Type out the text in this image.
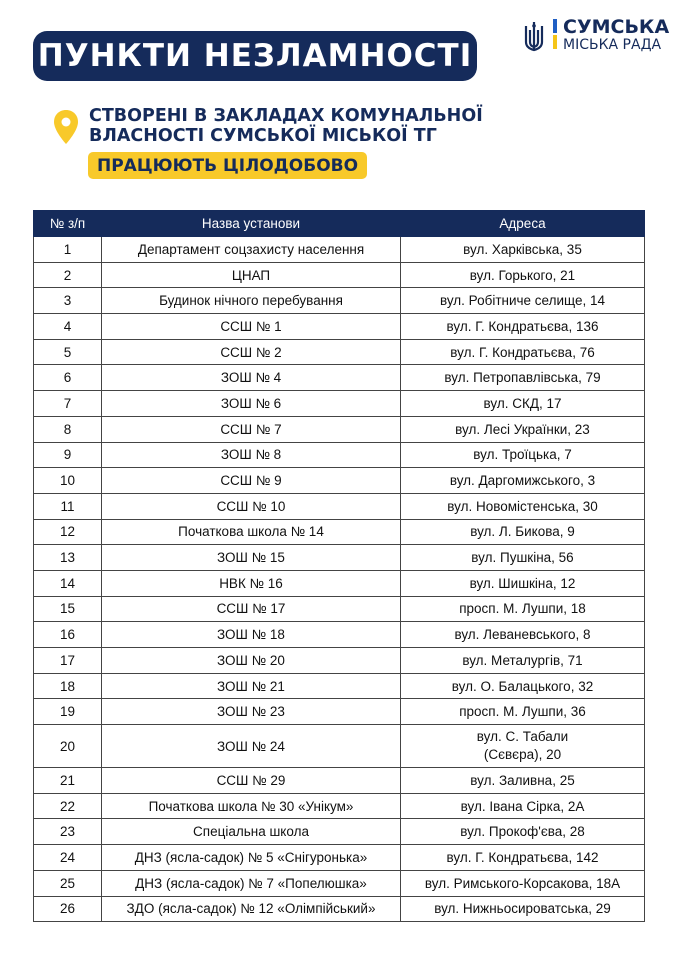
ПУНКТИ НЕЗЛАМНОСТІ
СУМСЬКА
МІСЬКА РАДА
СТВОРЕНІ В ЗАКЛАДАХ КОМУНАЛЬНОЇ
ВЛАСНОСТІ СУМСЬКОЇ МІСЬКОЇ ТГ
ПРАЦЮЮТЬ ЦІЛОДОБОВО
№ з/п	Назва установи	Адреса
1	Департамент соцзахисту населення	вул. Харківська, 35
2	ЦНАП	вул. Горького, 21
3	Будинок нічного перебування	вул. Робітниче селище, 14
4	ССШ № 1	вул. Г. Кондратьєва, 136
5	ССШ № 2	вул. Г. Кондратьєва, 76
6	ЗОШ № 4	вул. Петропавлівська, 79
7	ЗОШ № 6	вул. СКД, 17
8	ССШ № 7	вул. Лесі Українки, 23
9	ЗОШ № 8	вул. Троїцька, 7
10	ССШ № 9	вул. Даргомижського, 3
11	ССШ № 10	вул. Новомістенська, 30
12	Початкова школа № 14	вул. Л. Бикова, 9
13	ЗОШ № 15	вул. Пушкіна, 56
14	НВК № 16	вул. Шишкіна, 12
15	ССШ № 17	просп. М. Лушпи, 18
16	ЗОШ № 18	вул. Леваневського, 8
17	ЗОШ № 20	вул. Металургів, 71
18	ЗОШ № 21	вул. О. Балацького, 32
19	ЗОШ № 23	просп. М. Лушпи, 36
20	ЗОШ № 24	вул. С. Табали
(Сєвєра), 20
21	ССШ № 29	вул. Заливна, 25
22	Початкова школа № 30 «Унікум»	вул. Івана Сірка, 2А
23	Спеціальна школа	вул. Прокоф'єва, 28
24	ДНЗ (ясла-садок) № 5 «Снігуронька»	вул. Г. Кондратьєва, 142
25	ДНЗ (ясла-садок) № 7 «Попелюшка»	вул. Римського-Корсакова, 18А
26	ЗДО (ясла-садок) № 12 «Олімпійський»	вул. Нижньосироватська, 29
